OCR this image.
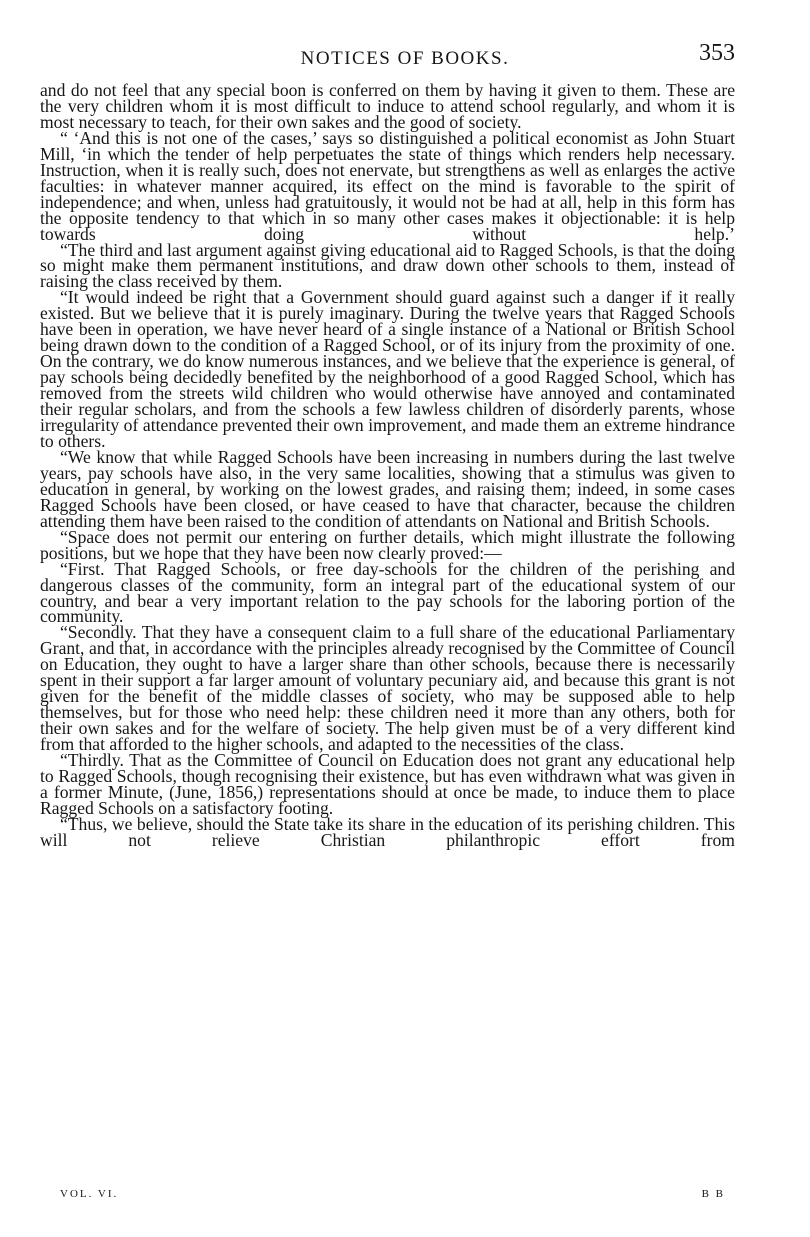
NOTICES OF BOOKS.	353

and do not feel that any special boon is conferred on them by having it given to them. These are the very children whom it is most difficult to induce to attend school regularly, and whom it is most necessary to teach, for their own sakes and the good of society.

“ ‘And this is not one of the cases,’ says so distinguished a political economist as John Stuart Mill, ‘in which the tender of help perpetuates the state of things which renders help necessary. Instruction, when it is really such, does not enervate, but strengthens as well as enlarges the active faculties: in whatever manner acquired, its effect on the mind is favorable to the spirit of independence; and when, unless had gratuitously, it would not be had at all, help in this form has the opposite tendency to that which in so many other cases makes it objectionable: it is help towards doing without help.’

“The third and last argument against giving educational aid to Ragged Schools, is that the doing so might make them permanent institutions, and draw down other schools to them, instead of raising the class received by them.

“It would indeed be right that a Government should guard against such a danger if it really existed. But we believe that it is purely imaginary. During the twelve years that Ragged Schools have been in operation, we have never heard of a single instance of a National or British School being drawn down to the condition of a Ragged School, or of its injury from the proximity of one. On the contrary, we do know numerous instances, and we believe that the experience is general, of pay schools being decidedly benefited by the neighborhood of a good Ragged School, which has removed from the streets wild children who would otherwise have annoyed and contaminated their regular scholars, and from the schools a few lawless children of disorderly parents, whose irregularity of attendance prevented their own improvement, and made them an extreme hindrance to others.

“We know that while Ragged Schools have been increasing in numbers during the last twelve years, pay schools have also, in the very same localities, showing that a stimulus was given to education in general, by working on the lowest grades, and raising them; indeed, in some cases Ragged Schools have been closed, or have ceased to have that character, because the children attending them have been raised to the condition of attendants on National and British Schools.

“Space does not permit our entering on further details, which might illustrate the following positions, but we hope that they have been now clearly proved:—

“First. That Ragged Schools, or free day-schools for the children of the perishing and dangerous classes of the community, form an integral part of the educational system of our country, and bear a very important relation to the pay schools for the laboring portion of the community.

“Secondly. That they have a consequent claim to a full share of the educational Parliamentary Grant, and that, in accordance with the principles already recognised by the Committee of Council on Education, they ought to have a larger share than other schools, because there is necessarily spent in their support a far larger amount of voluntary pecuniary aid, and because this grant is not given for the benefit of the middle classes of society, who may be supposed able to help themselves, but for those who need help: these children need it more than any others, both for their own sakes and for the welfare of society. The help given must be of a very different kind from that afforded to the higher schools, and adapted to the necessities of the class.

“Thirdly. That as the Committee of Council on Education does not grant any educational help to Ragged Schools, though recognising their existence, but has even withdrawn what was given in a former Minute, (June, 1856,) representations should at once be made, to induce them to place Ragged Schools on a satisfactory footing.

“Thus, we believe, should the State take its share in the education of its perishing children. This will not relieve Christian philanthropic effort from

VOL. VI.	B B
